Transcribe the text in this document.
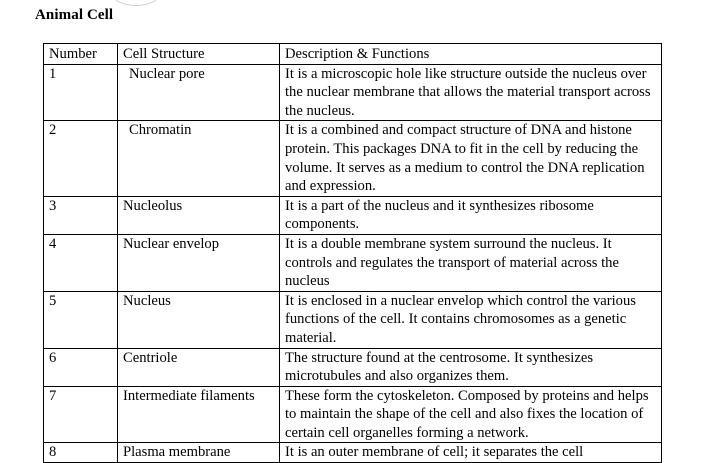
Animal Cell
Number	Cell Structure	Description & Functions
1	Nuclear pore	It is a microscopic hole like structure outside the nucleus over the nuclear membrane that allows the material transport across the nucleus.
2	Chromatin	It is a combined and compact structure of DNA and histone protein. This packages DNA to fit in the cell by reducing the volume. It serves as a medium to control the DNA replication and expression.
3	Nucleolus	It is a part of the nucleus and it synthesizes ribosome components.
4	Nuclear envelop	It is a double membrane system surround the nucleus. It controls and regulates the transport of material across the nucleus
5	Nucleus	It is enclosed in a nuclear envelop which control the various functions of the cell. It contains chromosomes as a genetic material.
6	Centriole	The structure found at the centrosome. It synthesizes microtubules and also organizes them.
7	Intermediate filaments	These form the cytoskeleton. Composed by proteins and helps to maintain the shape of the cell and also fixes the location of certain cell organelles forming a network.
8	Plasma membrane	It is an outer membrane of cell; it separates the cell
